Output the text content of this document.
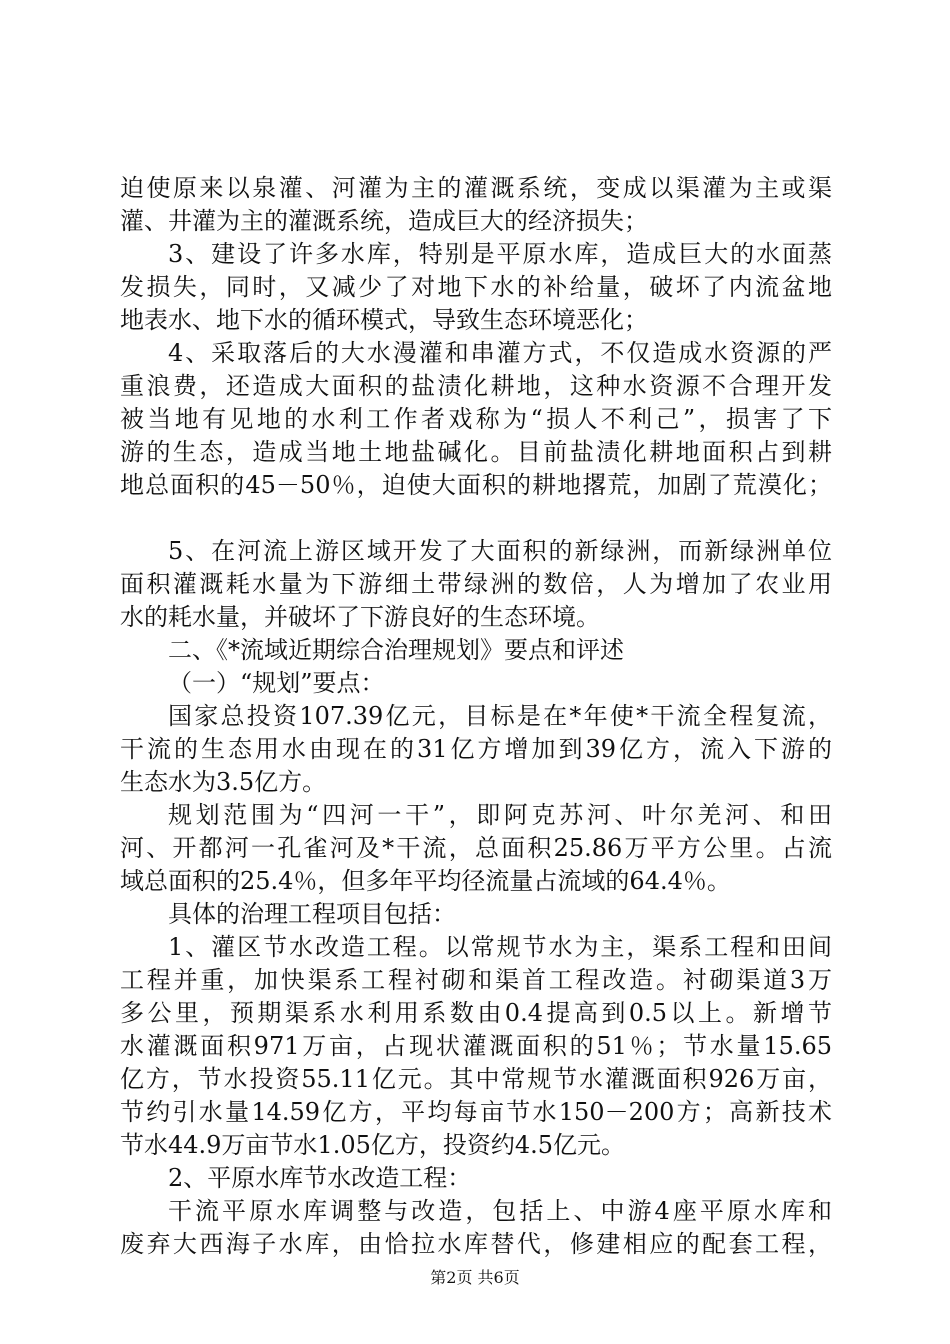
迫使原来以泉灌、河灌为主的灌溉系统，变成以渠灌为主或渠
灌、井灌为主的灌溉系统，造成巨大的经济损失；
3、建设了许多水库，特别是平原水库，造成巨大的水面蒸
发损失，同时，又减少了对地下水的补给量，破坏了内流盆地
地表水、地下水的循环模式，导致生态环境恶化；
4、采取落后的大水漫灌和串灌方式，不仅造成水资源的严
重浪费，还造成大面积的盐渍化耕地，这种水资源不合理开发
被当地有见地的水利工作者戏称为“损人不利己”，损害了下
游的生态，造成当地土地盐碱化。目前盐渍化耕地面积占到耕
地总面积的45－50％，迫使大面积的耕地撂荒，加剧了荒漠化；
5、在河流上游区域开发了大面积的新绿洲，而新绿洲单位
面积灌溉耗水量为下游细土带绿洲的数倍，人为增加了农业用
水的耗水量，并破坏了下游良好的生态环境。
二、《*流域近期综合治理规划》要点和评述
（一）“规划”要点：
国家总投资107.39亿元，目标是在*年使*干流全程复流，
干流的生态用水由现在的31亿方增加到39亿方，流入下游的
生态水为3.5亿方。
规划范围为“四河一干”，即阿克苏河、叶尔羌河、和田
河、开都河一孔雀河及*干流，总面积25.86万平方公里。占流
域总面积的25.4％，但多年平均径流量占流域的64.4％。
具体的治理工程项目包括：
1、灌区节水改造工程。以常规节水为主，渠系工程和田间
工程并重，加快渠系工程衬砌和渠首工程改造。衬砌渠道3万
多公里，预期渠系水利用系数由0.4提高到0.5以上。新增节
水灌溉面积971万亩，占现状灌溉面积的51％；节水量15.65
亿方，节水投资55.11亿元。其中常规节水灌溉面积926万亩，
节约引水量14.59亿方，平均每亩节水150－200方；高新技术
节水44.9万亩节水1.05亿方，投资约4.5亿元。
2、平原水库节水改造工程：
干流平原水库调整与改造，包括上、中游4座平原水库和
废弃大西海子水库，由恰拉水库替代，修建相应的配套工程，
第2页 共6页
